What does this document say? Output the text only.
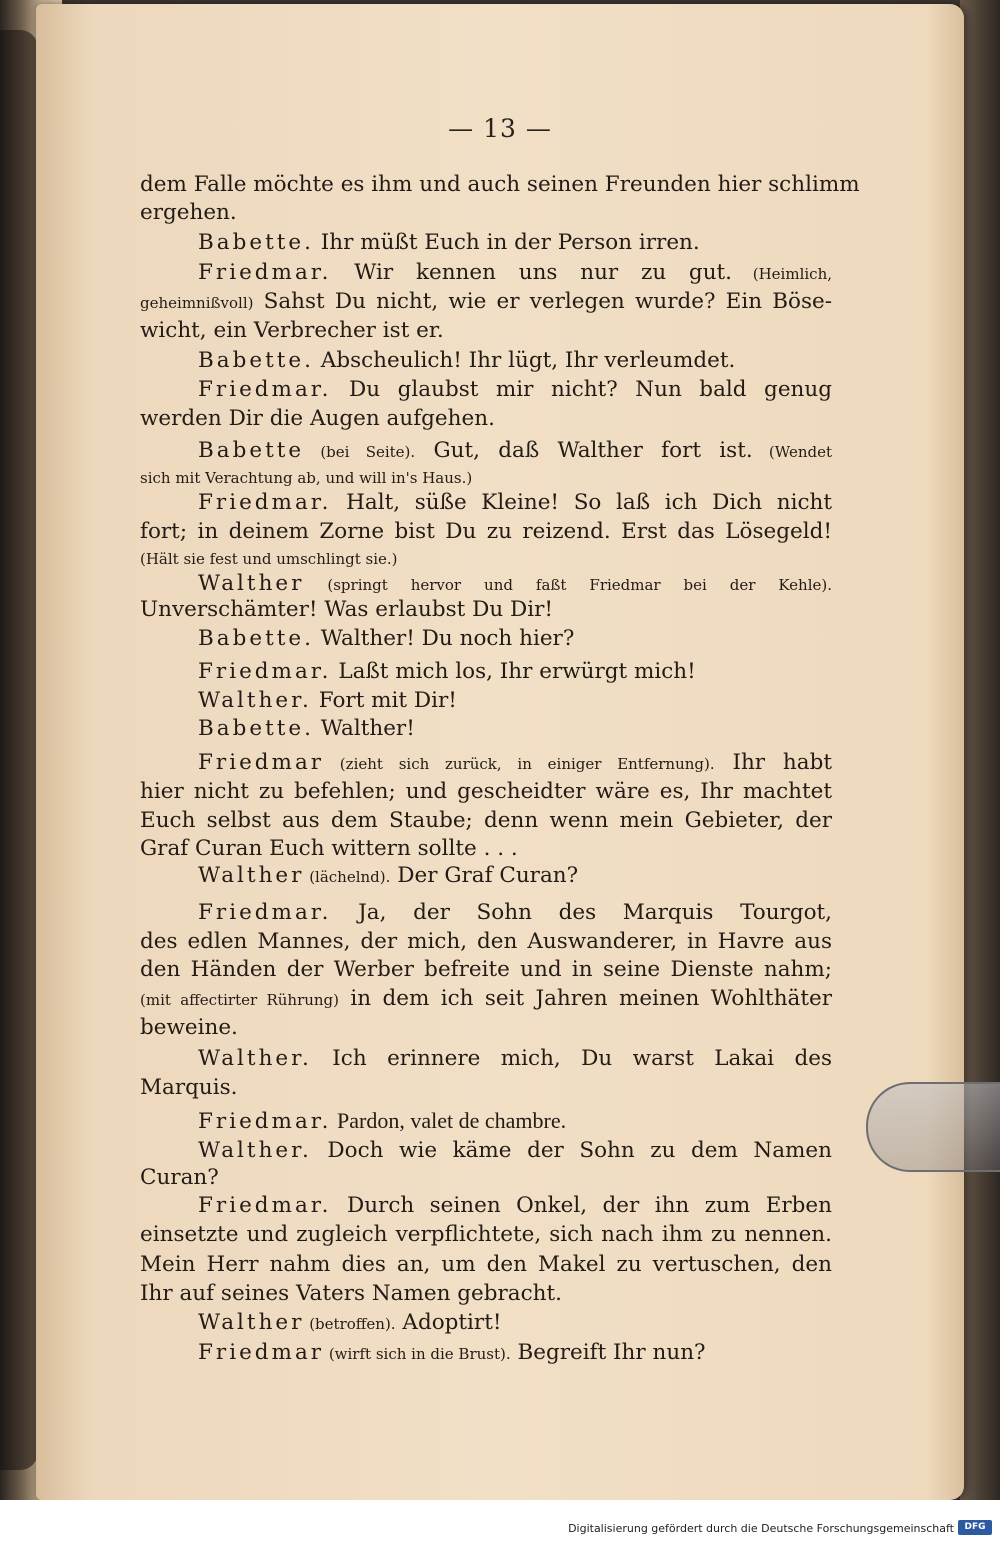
— 13 —
dem Falle möchte es ihm und auch seinen Freunden hier schlimm
ergehen.
Babette. Ihr müßt Euch in der Person irren.
Friedmar. Wir kennen uns nur zu gut. (Heimlich,
geheimnißvoll) Sahst Du nicht, wie er verlegen wurde? Ein Böse-
wicht, ein Verbrecher ist er.
Babette. Abscheulich! Ihr lügt, Ihr verleumdet.
Friedmar. Du glaubst mir nicht? Nun bald genug
werden Dir die Augen aufgehen.
Babette (bei Seite). Gut, daß Walther fort ist. (Wendet
sich mit Verachtung ab, und will in's Haus.)
Friedmar. Halt, süße Kleine! So laß ich Dich nicht
fort; in deinem Zorne bist Du zu reizend. Erst das Lösegeld!
(Hält sie fest und umschlingt sie.)
Walther (springt hervor und faßt Friedmar bei der Kehle).
Unverschämter! Was erlaubst Du Dir!
Babette. Walther! Du noch hier?
Friedmar. Laßt mich los, Ihr erwürgt mich!
Walther. Fort mit Dir!
Babette. Walther!
Friedmar (zieht sich zurück, in einiger Entfernung). Ihr habt
hier nicht zu befehlen; und gescheidter wäre es, Ihr machtet
Euch selbst aus dem Staube; denn wenn mein Gebieter, der
Graf Curan Euch wittern sollte . . .
Walther (lächelnd). Der Graf Curan?
Friedmar. Ja, der Sohn des Marquis Tourgot,
des edlen Mannes, der mich, den Auswanderer, in Havre aus
den Händen der Werber befreite und in seine Dienste nahm;
(mit affectirter Rührung) in dem ich seit Jahren meinen Wohlthäter
beweine.
Walther. Ich erinnere mich, Du warst Lakai des
Marquis.
Friedmar. Pardon, valet de chambre.
Walther. Doch wie käme der Sohn zu dem Namen
Curan?
Friedmar. Durch seinen Onkel, der ihn zum Erben
einsetzte und zugleich verpflichtete, sich nach ihm zu nennen.
Mein Herr nahm dies an, um den Makel zu vertuschen, den
Ihr auf seines Vaters Namen gebracht.
Walther (betroffen). Adoptirt!
Friedmar (wirft sich in die Brust). Begreift Ihr nun?
Digitalisierung gefördert durch die Deutsche Forschungsgemeinschaft	DFG
